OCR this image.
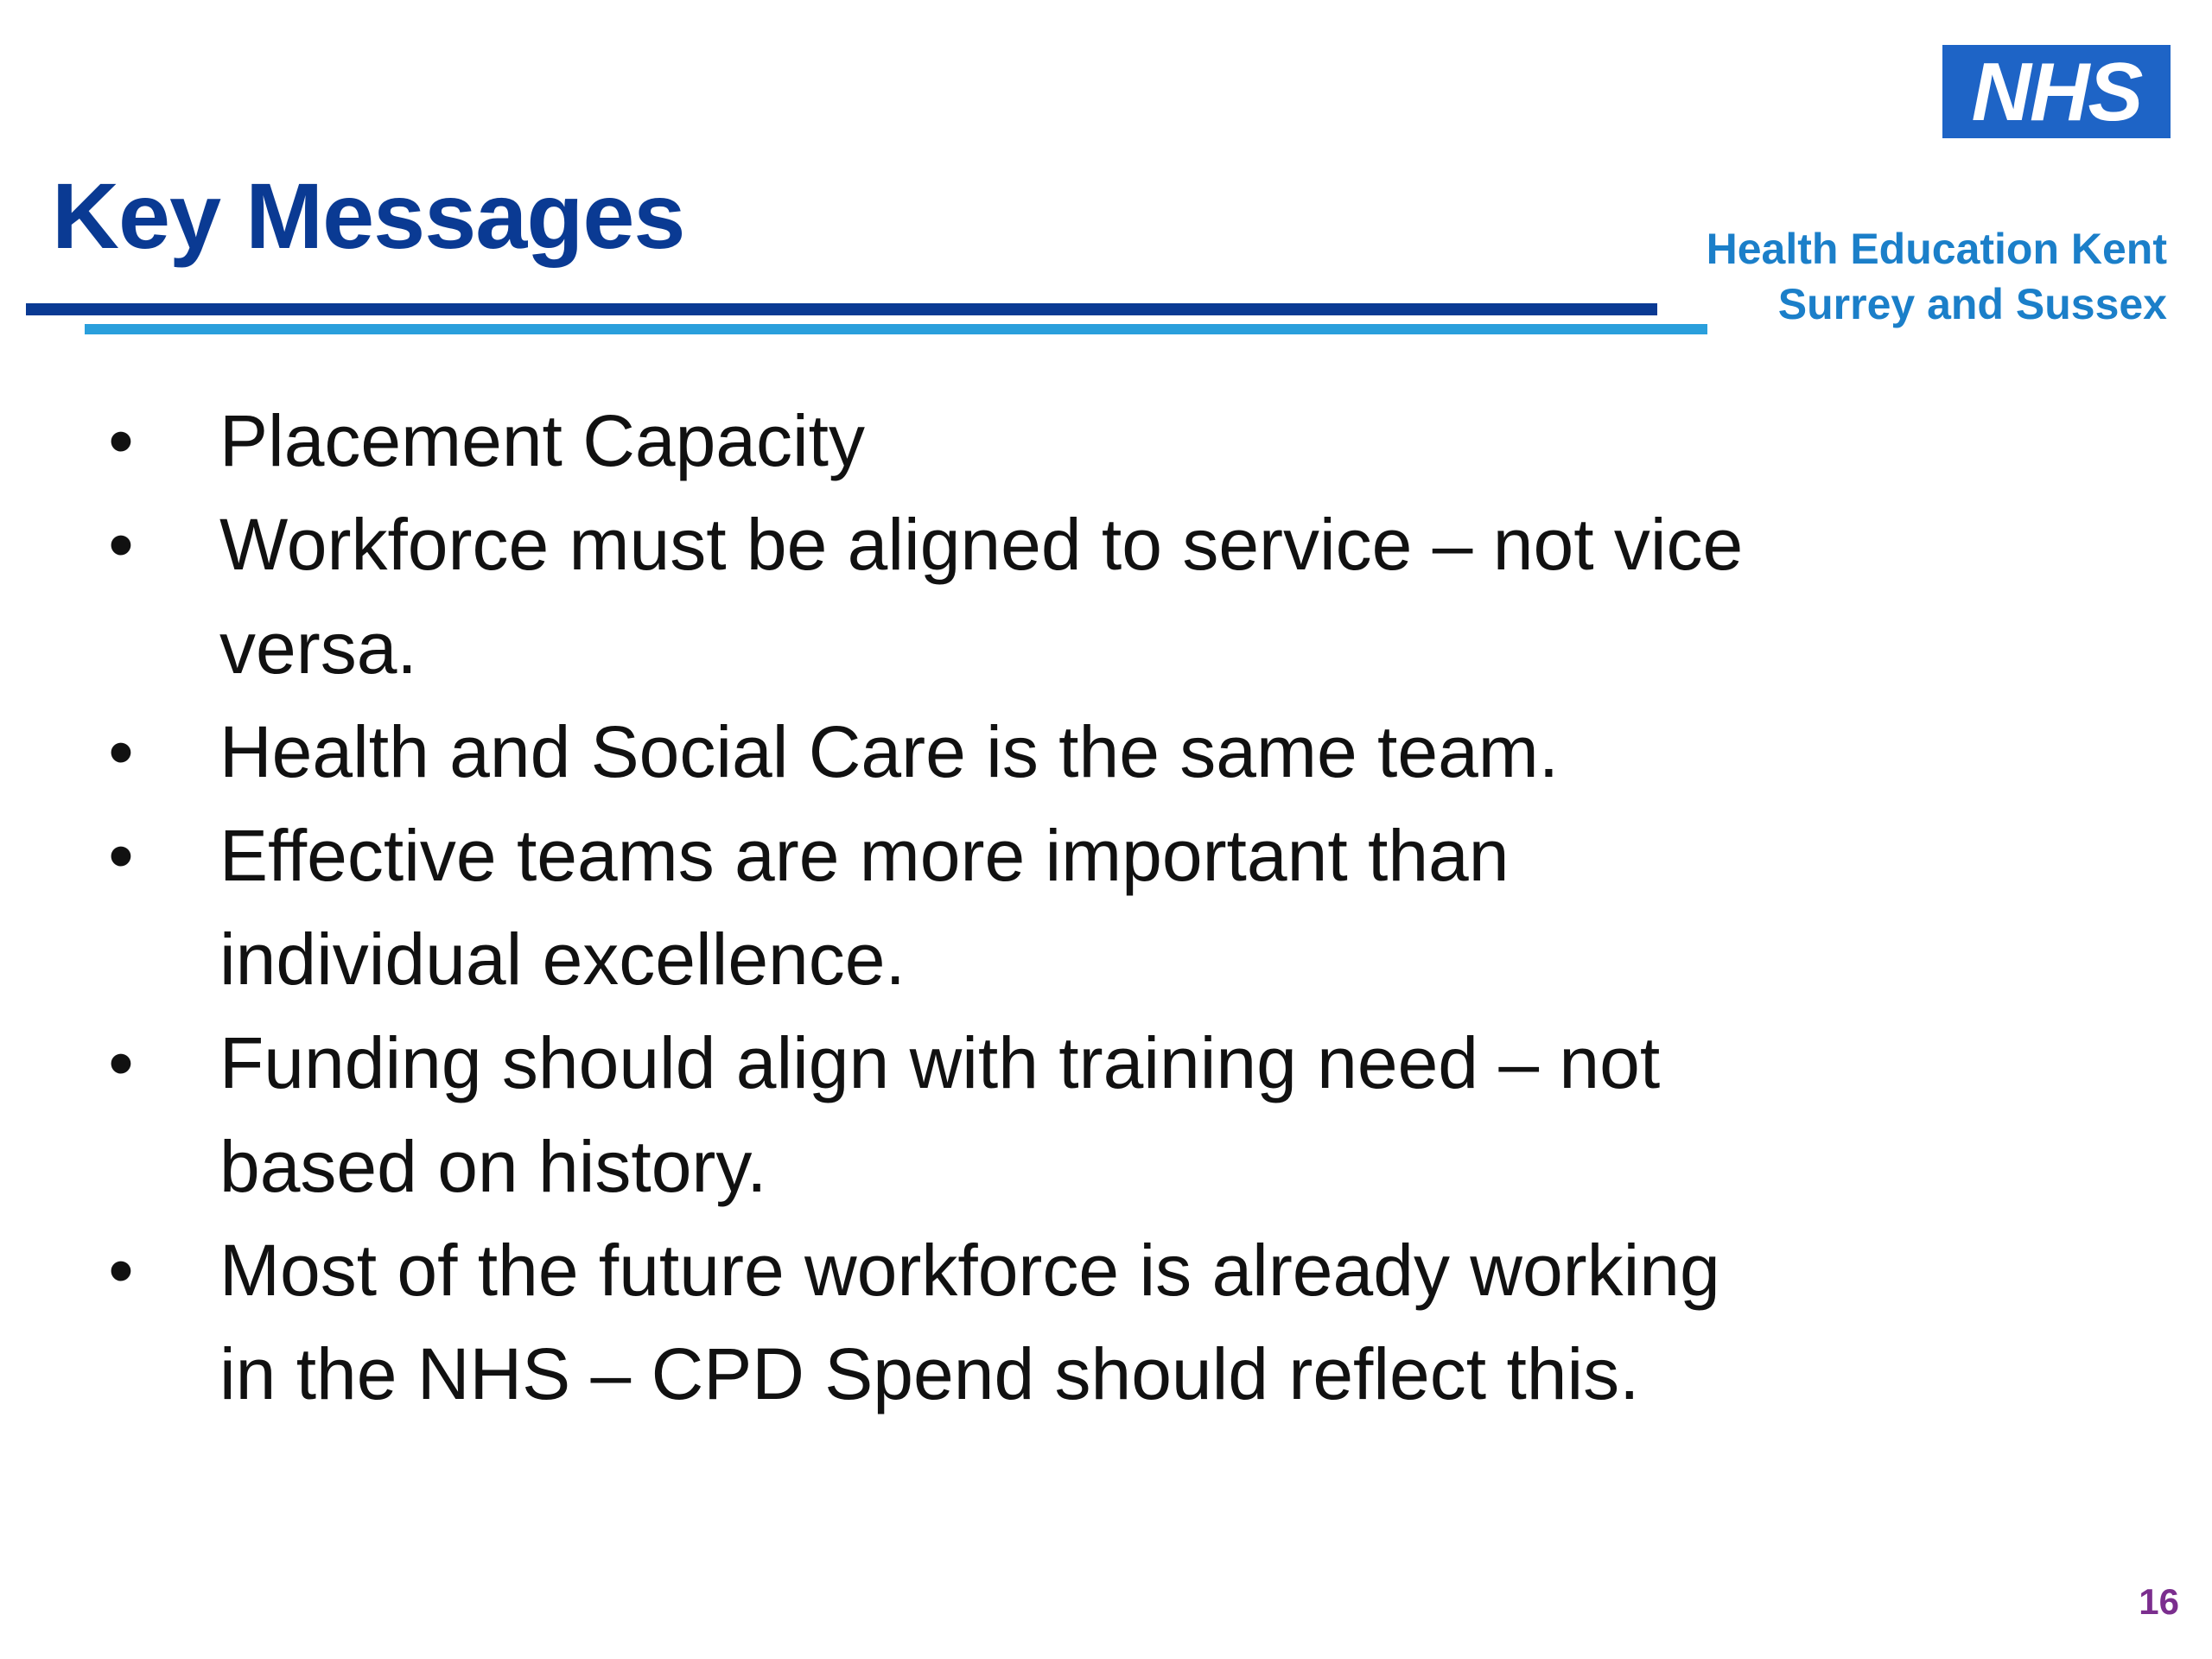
Key Messages
NHS
Health Education Kent
Surrey and Sussex
• Placement Capacity
• Workforce must be aligned to service – not vice
versa.
• Health and Social Care is the same team.
• Effective teams are more important than
individual excellence.
• Funding should align with training need – not
based on history.
• Most of the future workforce is already working
in the NHS – CPD Spend should reflect this.
16
